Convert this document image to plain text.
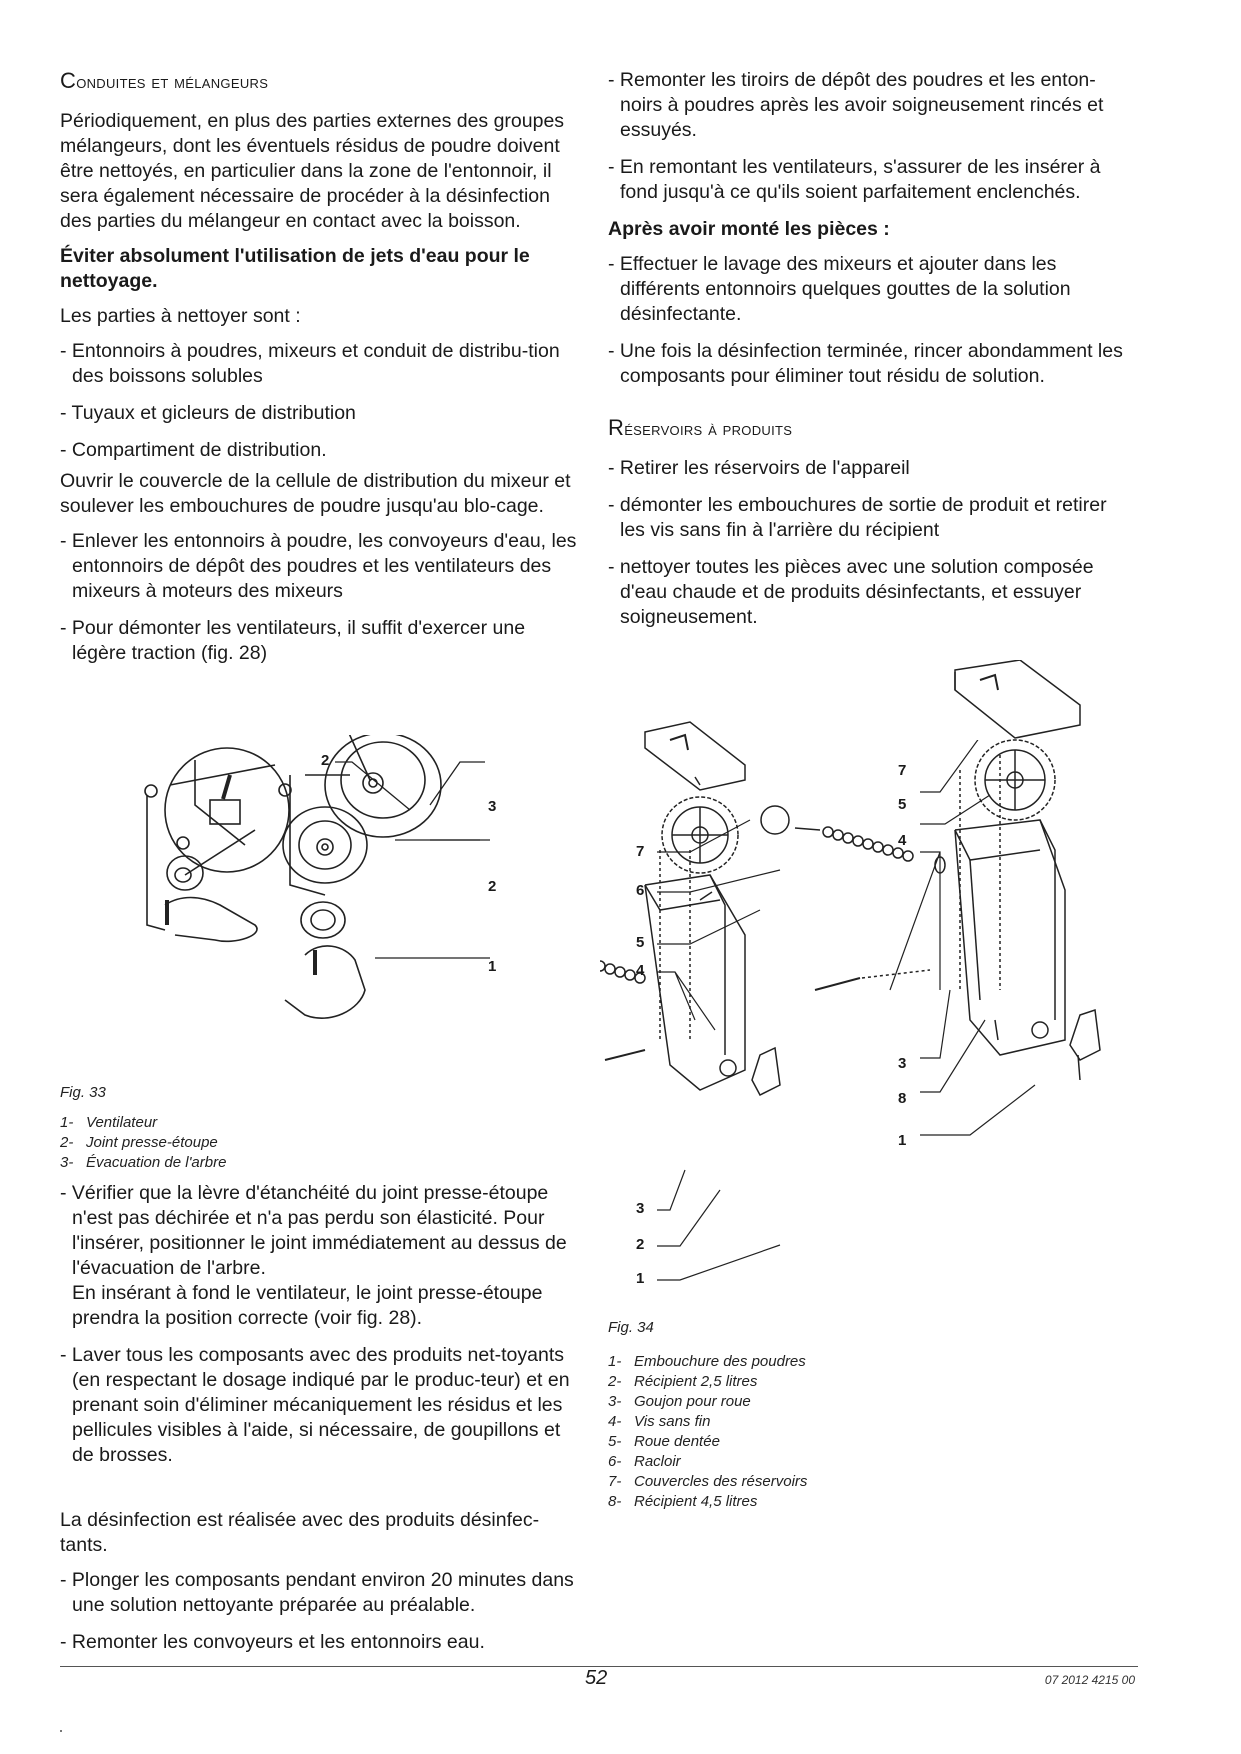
Conduites et mélangeurs

Périodiquement, en plus des parties externes des groupes mélangeurs, dont les éventuels résidus de poudre doivent être nettoyés, en particulier dans la zone de l'entonnoir, il sera également nécessaire de procéder à la désinfection des parties du mélangeur en contact avec la boisson.

Éviter absolument l'utilisation de jets d'eau pour le nettoyage.

Les parties à nettoyer sont :

- Entonnoirs à poudres, mixeurs et conduit de distribu-tion des boissons solubles
- Tuyaux et gicleurs de distribution
- Compartiment de distribution.

Ouvrir le couvercle de la cellule de distribution du mixeur et soulever les embouchures de poudre jusqu'au blo-cage.

- Enlever les entonnoirs à poudre, les convoyeurs d'eau, les entonnoirs de dépôt des poudres et les ventilateurs des mixeurs à moteurs des mixeurs
- Pour démonter les ventilateurs, il suffit d'exercer une légère traction (fig. 28)
2
3
2
1
Fig. 33
1- Ventilateur
2- Joint presse-étoupe
3- Évacuation de l'arbre
- Vérifier que la lèvre d'étanchéité du joint presse-étoupe n'est pas déchirée et n'a pas perdu son élasticité. Pour l'insérer, positionner le joint immédiatement au dessus de l'évacuation de l'arbre.
En insérant à fond le ventilateur, le joint presse-étoupe prendra la position correcte (voir fig. 28).
- Laver tous les composants avec des produits net-toyants (en respectant le dosage indiqué par le produc-teur) et en prenant soin d'éliminer mécaniquement les résidus et les pellicules visibles à l'aide, si nécessaire, de goupillons et de brosses.

La désinfection est réalisée avec des produits désinfec-tants.

- Plonger les composants pendant environ 20 minutes dans une solution nettoyante préparée au préalable.
- Remonter les convoyeurs et les entonnoirs eau.
- Remonter les tiroirs de dépôt des poudres et les enton-noirs à poudres après les avoir soigneusement rincés et essuyés.
- En remontant les ventilateurs, s'assurer de les insérer à fond jusqu'à ce qu'ils soient parfaitement enclenchés.

Après avoir monté les pièces :

- Effectuer le lavage des mixeurs et ajouter dans les différents entonnoirs quelques gouttes de la solution désinfectante.
- Une fois la désinfection terminée, rincer abondamment les composants pour éliminer tout résidu de solution.
Réservoirs à produits
- Retirer les réservoirs de l'appareil
- démonter les embouchures de sortie de produit et retirer les vis sans fin à l'arrière du récipient
- nettoyer toutes les pièces avec une solution composée d'eau chaude et de produits désinfectants, et essuyer soigneusement.
7
6
5
4
3
2
1
7
5
4
3
8
1
Fig. 34
1- Embouchure des poudres
2- Récipient 2,5 litres
3- Goujon pour roue
4- Vis sans fin
5- Roue dentée
6- Racloir
7- Couvercles des réservoirs
8- Récipient 4,5 litres
52	07 2012 4215 00
